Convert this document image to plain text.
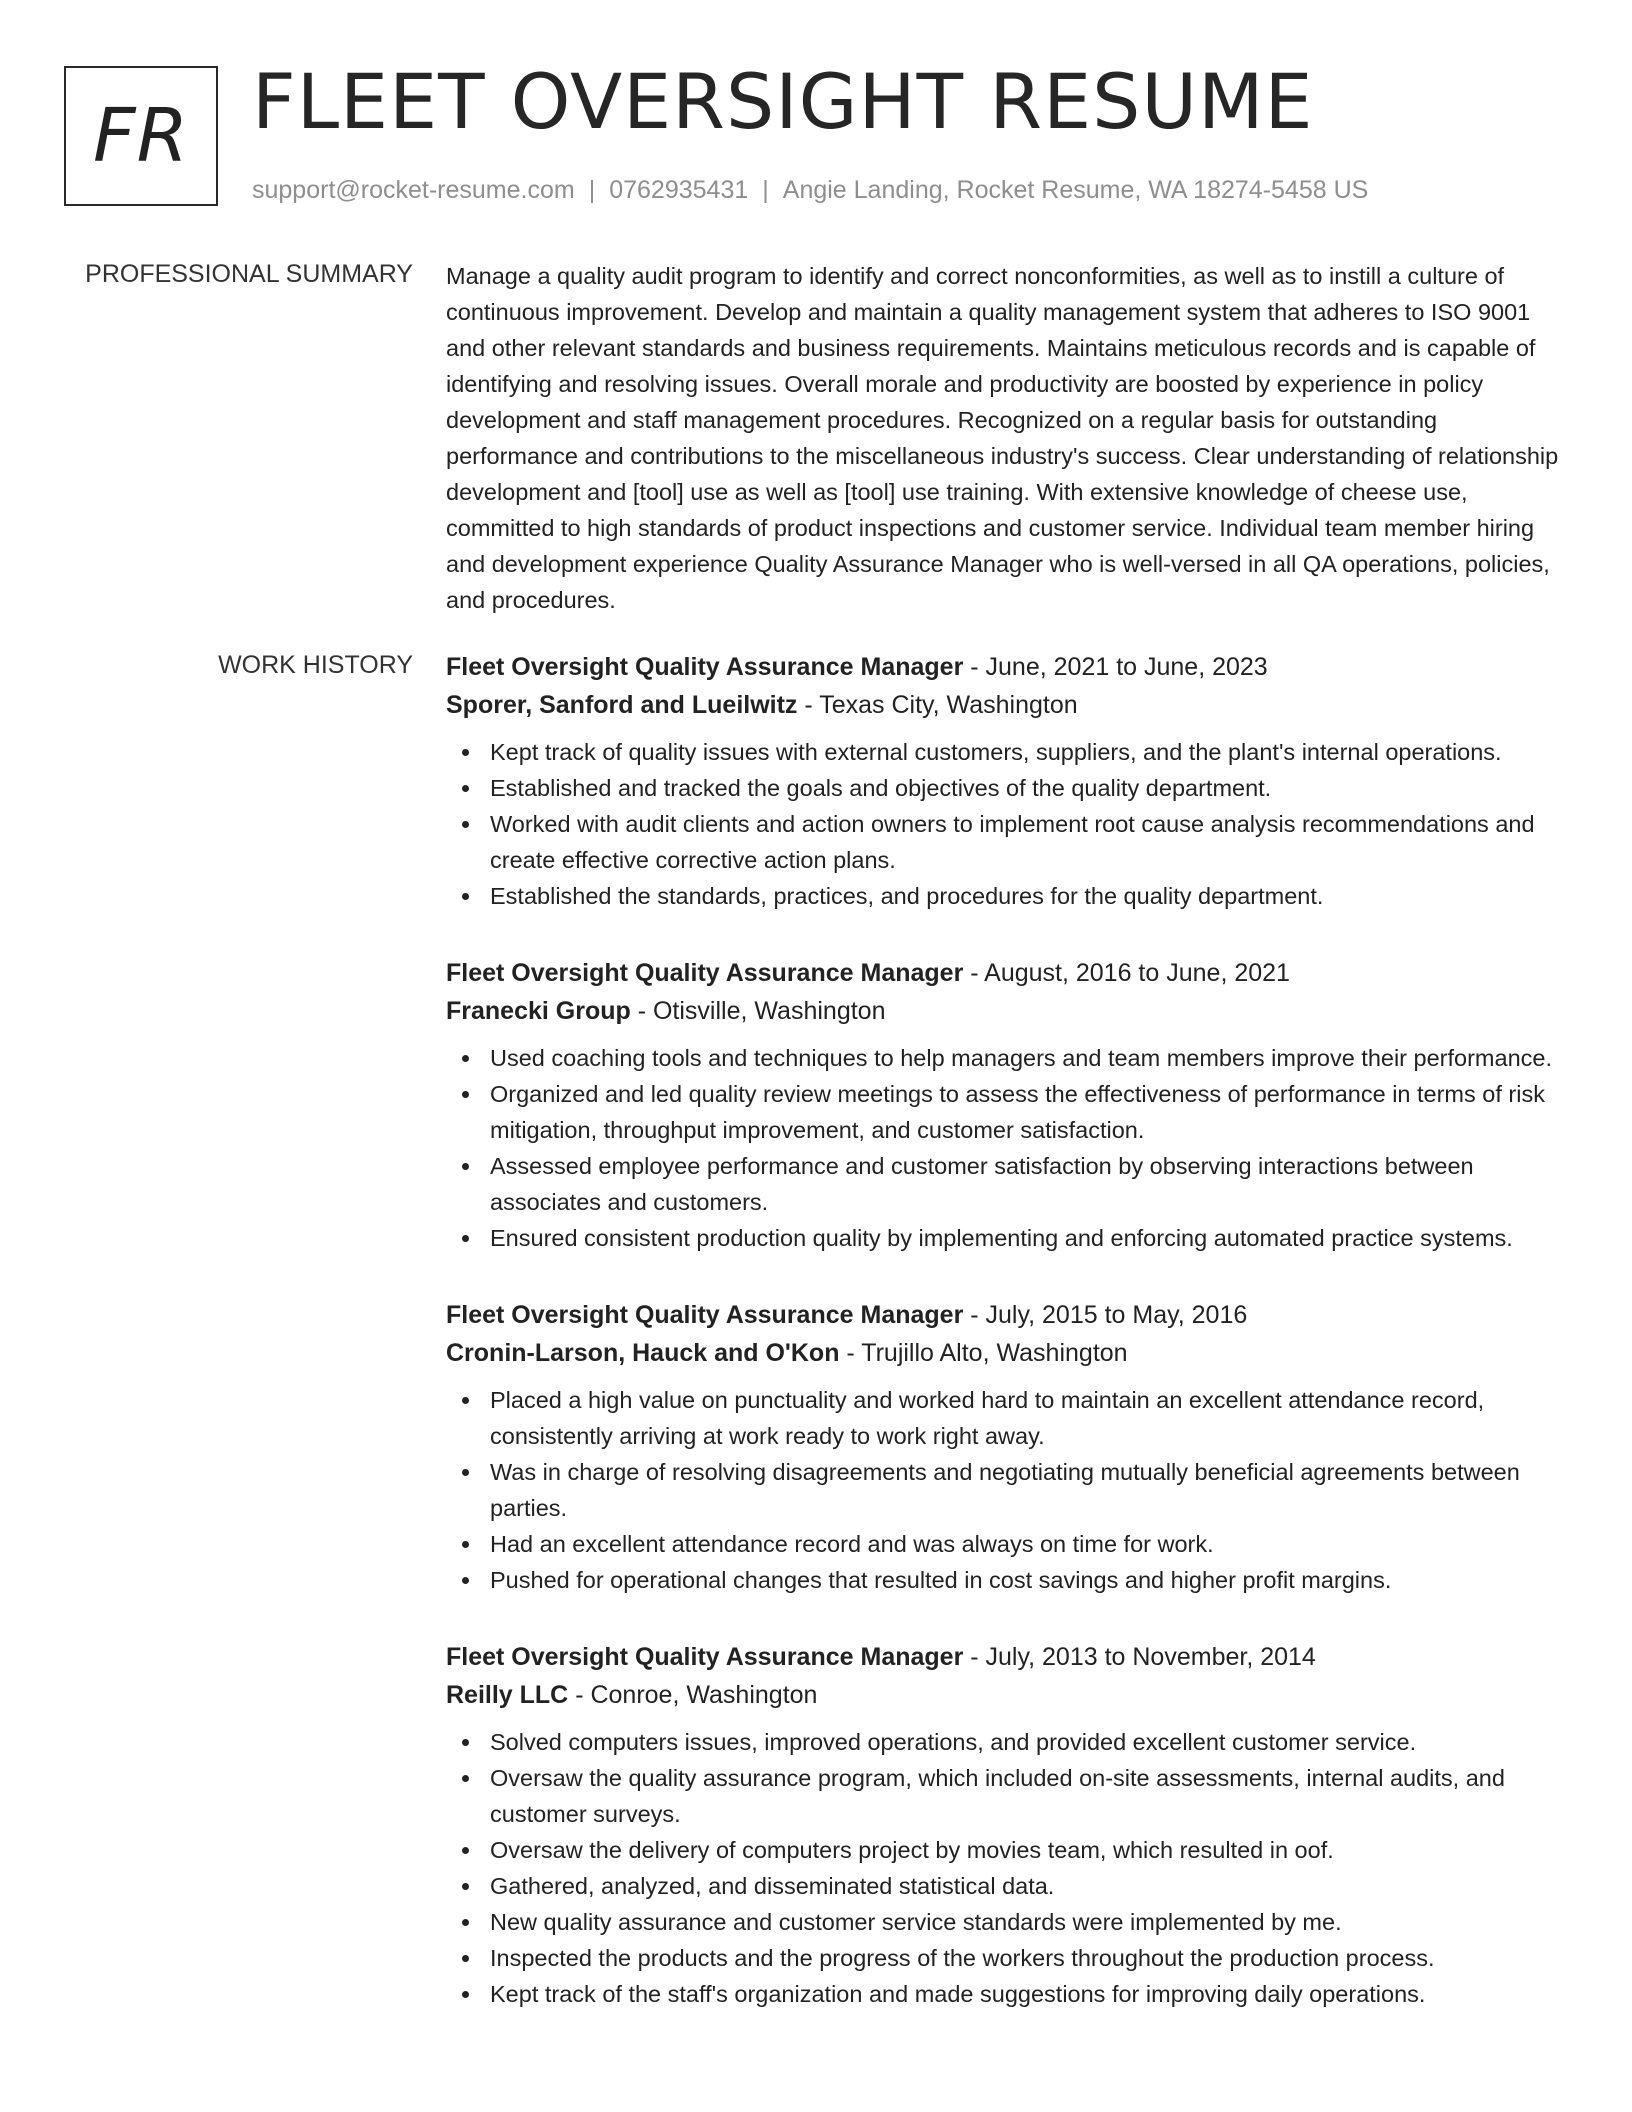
FR FLEET OVERSIGHT RESUME
support@rocket-resume.com | 0762935431 | Angie Landing, Rocket Resume, WA 18274-5458 US
PROFESSIONAL SUMMARY Manage a quality audit program to identify and correct nonconformities, as well as to instill a culture of continuous improvement. Develop and maintain a quality management system that adheres to ISO 9001 and other relevant standards and business requirements. Maintains meticulous records and is capable of identifying and resolving issues. Overall morale and productivity are boosted by experience in policy development and staff management procedures. Recognized on a regular basis for outstanding performance and contributions to the miscellaneous industry's success. Clear understanding of relationship development and [tool] use as well as [tool] use training. With extensive knowledge of cheese use, committed to high standards of product inspections and customer service. Individual team member hiring and development experience Quality Assurance Manager who is well-versed in all QA operations, policies, and procedures.

WORK HISTORY Fleet Oversight Quality Assurance Manager - June, 2021 to June, 2023
Sporer, Sanford and Lueilwitz - Texas City, Washington
Kept track of quality issues with external customers, suppliers, and the plant's internal operations.
Established and tracked the goals and objectives of the quality department.
Worked with audit clients and action owners to implement root cause analysis recommendations and create effective corrective action plans.
Established the standards, practices, and procedures for the quality department.
Fleet Oversight Quality Assurance Manager - August, 2016 to June, 2021
Franecki Group - Otisville, Washington
Used coaching tools and techniques to help managers and team members improve their performance.
Organized and led quality review meetings to assess the effectiveness of performance in terms of risk mitigation, throughput improvement, and customer satisfaction.
Assessed employee performance and customer satisfaction by observing interactions between associates and customers.
Ensured consistent production quality by implementing and enforcing automated practice systems.
Fleet Oversight Quality Assurance Manager - July, 2015 to May, 2016
Cronin-Larson, Hauck and O'Kon - Trujillo Alto, Washington
Placed a high value on punctuality and worked hard to maintain an excellent attendance record, consistently arriving at work ready to work right away.
Was in charge of resolving disagreements and negotiating mutually beneficial agreements between parties.
Had an excellent attendance record and was always on time for work.
Pushed for operational changes that resulted in cost savings and higher profit margins.
Fleet Oversight Quality Assurance Manager - July, 2013 to November, 2014
Reilly LLC - Conroe, Washington
Solved computers issues, improved operations, and provided excellent customer service.
Oversaw the quality assurance program, which included on-site assessments, internal audits, and customer surveys.
Oversaw the delivery of computers project by movies team, which resulted in oof.
Gathered, analyzed, and disseminated statistical data.
New quality assurance and customer service standards were implemented by me.
Inspected the products and the progress of the workers throughout the production process.
Kept track of the staff's organization and made suggestions for improving daily operations.
